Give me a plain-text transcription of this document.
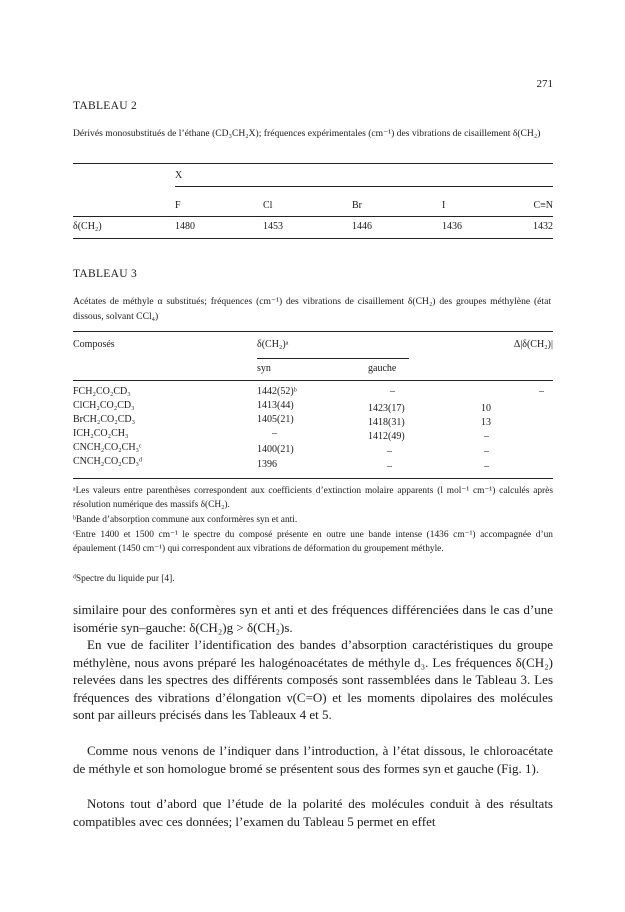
271
TABLEAU 2
Dérivés monosubstitués de l’éthane (CD₃CH₂X); fréquences expérimentales (cm⁻¹) des vibrations de cisaillement δ(CH₂)
X
F	Cl	Br	I	C≡N
δ(CH₂)	1480	1453	1446	1436	1432
TABLEAU 3
Acétates de méthyle α substitués; fréquences (cm⁻¹) des vibrations de cisaillement δ(CH₂) des groupes méthylène (état dissous, solvant CCl₄)
Composés	δ(CH₂)ᵃ	Δ|δ(CH₂)|
syn	gauche
FCH₂CO₂CD₃	1442(52)ᵇ	–	–
ClCH₂CO₂CD₃	1413(44)	1423(17)	10
BrCH₂CO₂CD₃	1405(21)	1418(31)	13
ICH₂CO₂CH₃	–	1412(49)	–
CNCH₂CO₂CH₃ᶜ	1400(21)	–	–
CNCH₂CO₂CD₃ᵈ	1396	–	–
ᵃLes valeurs entre parenthèses correspondent aux coefficients d’extinction molaire apparents (l mol⁻¹ cm⁻¹) calculés après résolution numérique des massifs δ(CH₂).
ᵇBande d’absorption commune aux conformères syn et anti.
ᶜEntre 1400 et 1500 cm⁻¹ le spectre du composé présente en outre une bande intense (1436 cm⁻¹) accompagnée d’un épaulement (1450 cm⁻¹) qui correspondent aux vibrations de déformation du groupement méthyle.
ᵈSpectre du liquide pur [4].
similaire pour des conformères syn et anti et des fréquences différenciées dans le cas d’une isomérie syn–gauche: δ(CH₂)g > δ(CH₂)s.
En vue de faciliter l’identification des bandes d’absorption caractéristiques du groupe méthylène, nous avons préparé les halogénoacétates de méthyle d₃. Les fréquences δ(CH₂) relevées dans les spectres des différents composés sont rassemblées dans le Tableau 3. Les fréquences des vibrations d’élongation ν(C=O) et les moments dipolaires des molécules sont par ailleurs précisés dans les Tableaux 4 et 5.
Comme nous venons de l’indiquer dans l’introduction, à l’état dissous, le chloroacétate de méthyle et son homologue bromé se présentent sous des formes syn et gauche (Fig. 1).
Notons tout d’abord que l’étude de la polarité des molécules conduit à des résultats compatibles avec ces données; l’examen du Tableau 5 permet en effet
